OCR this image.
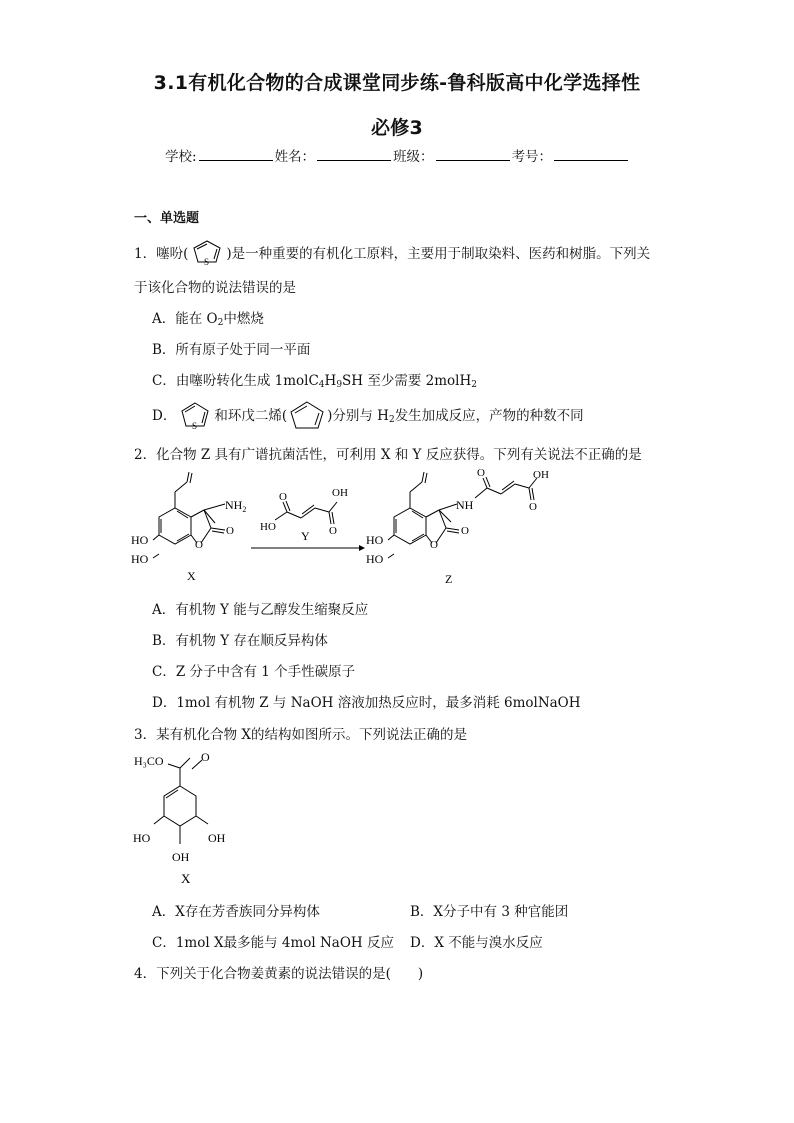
3.1有机化合物的合成课堂同步练-鲁科版高中化学选择性
必修3
学校:	姓名：	班级：	考号：
一、单选题
1．噻吩( S )是一种重要的有机化工原料，主要用于制取染料、医药和树脂。下列关
于该化合物的说法错误的是
A．能在 $O_2$中燃烧
B．所有原子处于同一平面
C．由噻吩转化生成 $1molC_4H_9SH$ 至少需要 2molH$_2$
D．
S
和环戊二烯(	)分别与 $H_2$发生加成反应，产物的种数不同
2．化合物 Z 具有广谱抗菌活性，可利用 X 和 Y 反应获得。下列有关说法不正确的是
$NH_2$
HO
HO
O
O
X
OH
HO
O
O
Y
NH
OH
O
O
HO
HO
O
O
Z
A．有机物 Y 能与乙醇发生缩聚反应
B．有机物 Y 存在顺反异构体
C．Z 分子中含有 1 个手性碳原子
D．1mol 有机物 Z 与 NaOH 溶液加热反应时，最多消耗 6molNaOH
3．某有机化合物 X的结构如图所示。下列说法正确的是
H₃CO	O
HO	OH
OH
X
A．X存在芳香族同分异构体	B．X分子中有 3 种官能团
C．1mol X最多能与 4mol NaOH 反应 D．X 不能与溴水反应
4．下列关于化合物姜黄素的说法错误的是(　　)
